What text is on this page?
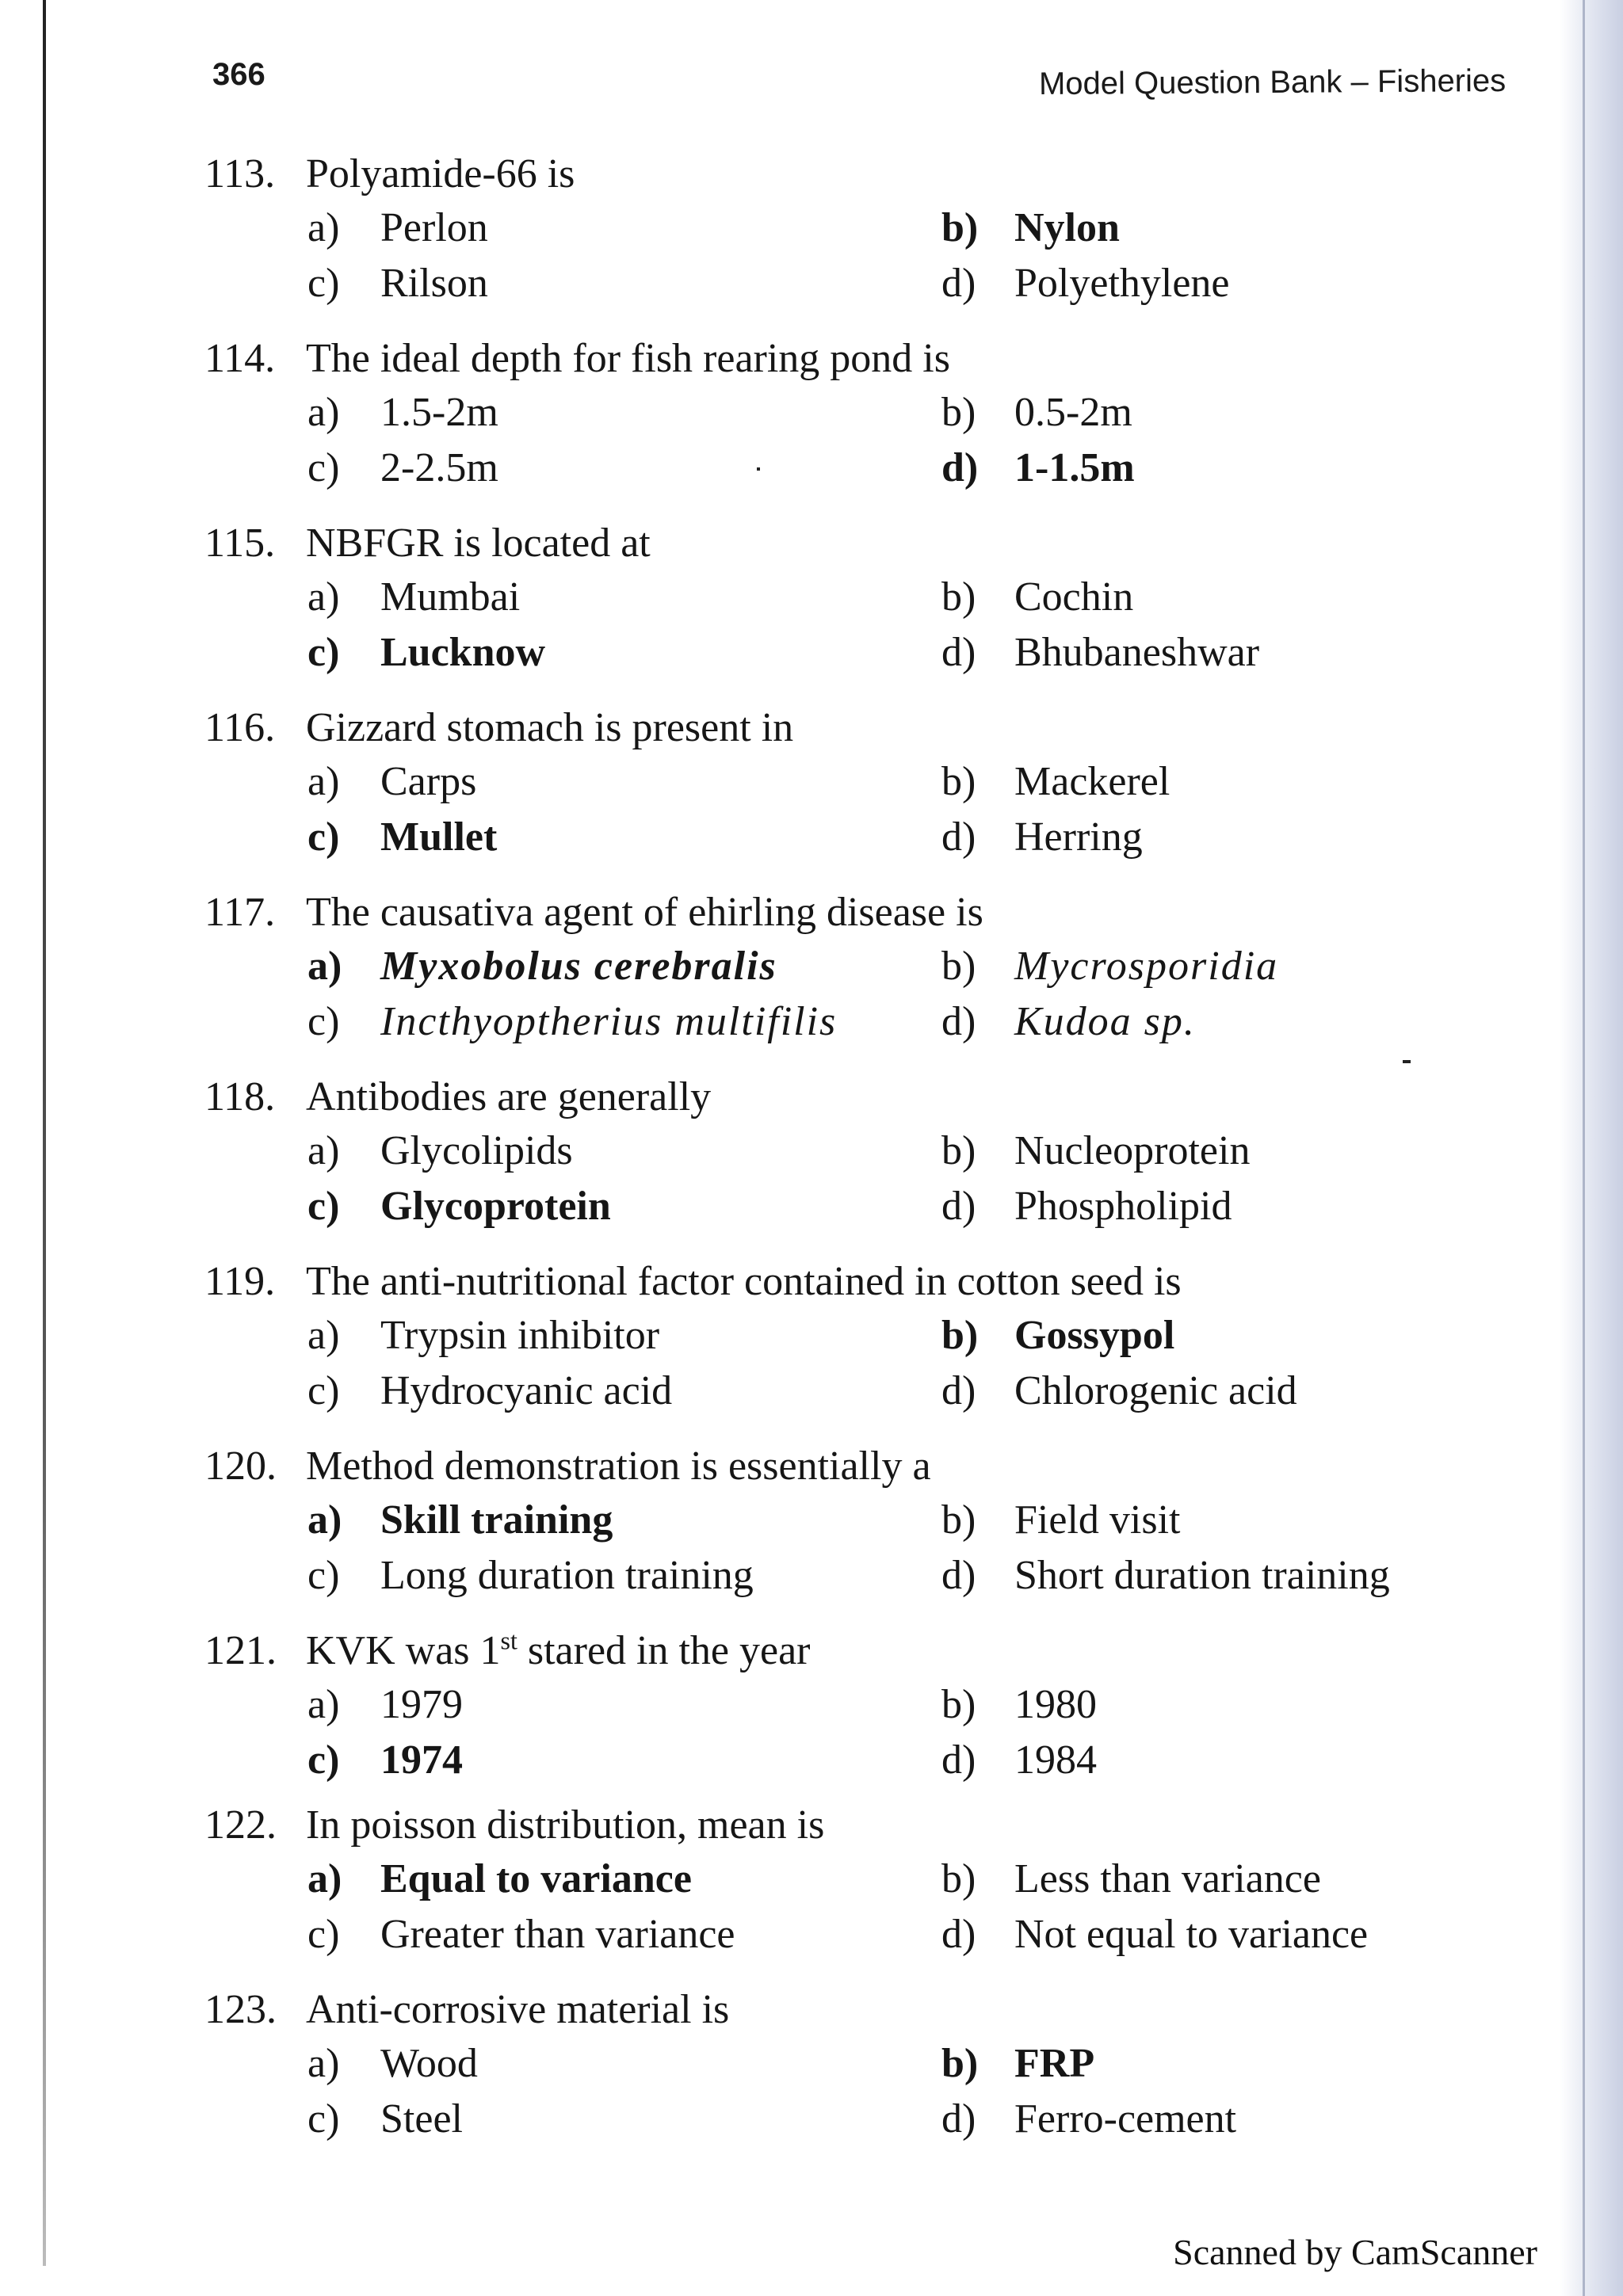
366	Model Question Bank – Fisheries
113. Polyamide-66 is
a) Perlon	b) Nylon
c) Rilson	d) Polyethylene
114. The ideal depth for fish rearing pond is
a) 1.5-2m	b) 0.5-2m
c) 2-2.5m	d) 1-1.5m
115. NBFGR is located at
a) Mumbai	b) Cochin
c) Lucknow	d) Bhubaneshwar
116. Gizzard stomach is present in
a) Carps	b) Mackerel
c) Mullet	d) Herring
117. The causativa agent of ehirling disease is
a) Myxobolus cerebralis	b) Mycrosporidia
c) Incthyoptherius multifilis	d) Kudoa sp.
118. Antibodies are generally
a) Glycolipids	b) Nucleoprotein
c) Glycoprotein	d) Phospholipid
119. The anti-nutritional factor contained in cotton seed is
a) Trypsin inhibitor	b) Gossypol
c) Hydrocyanic acid	d) Chlorogenic acid
120. Method demonstration is essentially a
a) Skill training	b) Field visit
c) Long duration training	d) Short duration training
121. KVK was 1st stared in the year
a) 1979	b) 1980
c) 1974	d) 1984
122. In poisson distribution, mean is
a) Equal to variance	b) Less than variance
c) Greater than variance	d) Not equal to variance
123. Anti-corrosive material is
a) Wood	b) FRP
c) Steel	d) Ferro-cement
Scanned by CamScanner
